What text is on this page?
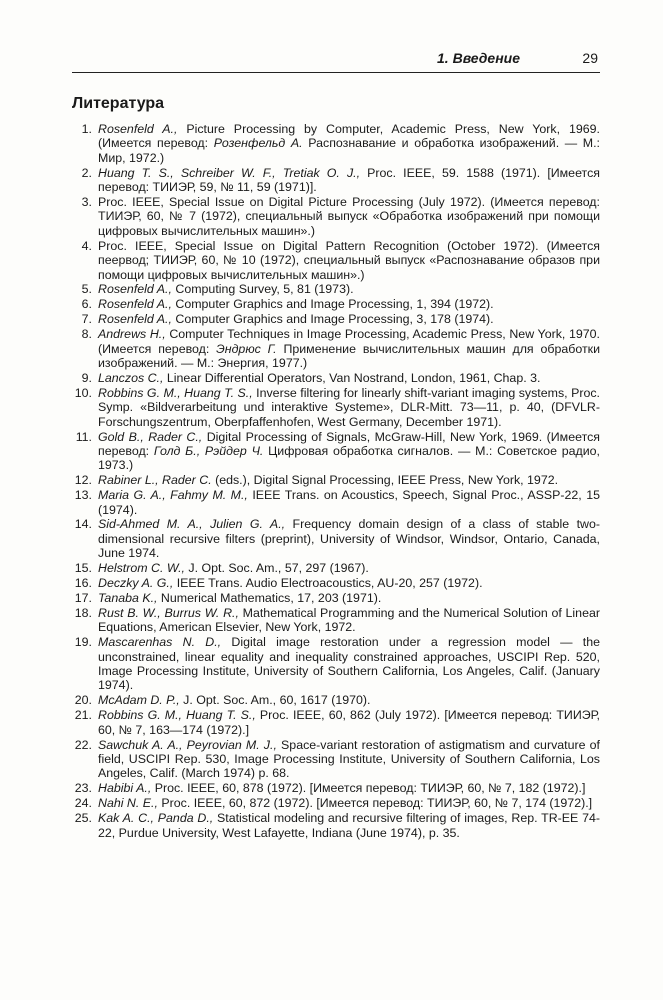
1. Введение	29
Литература
1. Rosenfeld A., Picture Processing by Computer, Academic Press, New York, 1969. (Имеется перевод: Розенфельд А. Распознавание и обработка изображений. — М.: Мир, 1972.)
2. Huang T. S., Schreiber W. F., Tretiak O. J., Proc. IEEE, 59. 1588 (1971). [Имеется перевод: ТИИЭР, 59, № 11, 59 (1971)].
3. Proc. IEEE, Special Issue on Digital Picture Processing (July 1972). (Имеется перевод: ТИИЭР, 60, № 7 (1972), специальный выпуск «Обработка изображений при помощи цифровых вычислительных машин».)
4. Proc. IEEE, Special Issue on Digital Pattern Recognition (October 1972). (Имеется пеервод; ТИИЭР, 60, № 10 (1972), специальный выпуск «Распознавание образов при помощи цифровых вычислительных машин».)
5. Rosenfeld A., Computing Survey, 5, 81 (1973).
6. Rosenfeld A., Computer Graphics and Image Processing, 1, 394 (1972).
7. Rosenfeld A., Computer Graphics and Image Processing, 3, 178 (1974).
8. Andrews H., Computer Techniques in Image Processing, Academic Press, New York, 1970. (Имеется перевод: Эндрюс Г. Применение вычислительных машин для обработки изображений. — М.: Энергия, 1977.)
9. Lanczos C., Linear Differential Operators, Van Nostrand, London, 1961, Chap. 3.
10. Robbins G. M., Huang T. S., Inverse filtering for linearly shift-variant imaging systems, Proc. Symp. «Bildverarbeitung und interaktive Systeme», DLR-Mitt. 73—11, p. 40, (DFVLR-Forschungszentrum, Oberpfaffenhofen, West Germany, December 1971).
11. Gold B., Rader C., Digital Processing of Signals, McGraw-Hill, New York, 1969. (Имеется перевод: Голд Б., Рэйдер Ч. Цифровая обработка сигналов. — М.: Советское радио, 1973.)
12. Rabiner L., Rader C. (eds.), Digital Signal Processing, IEEE Press, New York, 1972.
13. Maria G. A., Fahmy M. M., IEEE Trans. on Acoustics, Speech, Signal Proc., ASSP-22, 15 (1974).
14. Sid-Ahmed M. A., Julien G. A., Frequency domain design of a class of stable two-dimensional recursive filters (preprint), University of Windsor, Windsor, Ontario, Canada, June 1974.
15. Helstrom C. W., J. Opt. Soc. Am., 57, 297 (1967).
16. Deczky A. G., IEEE Trans. Audio Electroacoustics, AU-20, 257 (1972).
17. Tanaba K., Numerical Mathematics, 17, 203 (1971).
18. Rust B. W., Burrus W. R., Mathematical Programming and the Numerical Solution of Linear Equations, American Elsevier, New York, 1972.
19. Mascarenhas N. D., Digital image restoration under a regression model — the unconstrained, linear equality and inequality constrained approaches, USCIPI Rep. 520, Image Processing Institute, University of Southern California, Los Angeles, Calif. (January 1974).
20. McAdam D. P., J. Opt. Soc. Am., 60, 1617 (1970).
21. Robbins G. M., Huang T. S., Proc. IEEE, 60, 862 (July 1972). [Имеется перевод: ТИИЭР, 60, № 7, 163—174 (1972).]
22. Sawchuk A. A., Peyrovian M. J., Space-variant restoration of astigmatism and curvature of field, USCIPI Rep. 530, Image Processing Institute, University of Southern California, Los Angeles, Calif. (March 1974) p. 68.
23. Habibi A., Proc. IEEE, 60, 878 (1972). [Имеется перевод: ТИИЭР, 60, № 7, 182 (1972).]
24. Nahi N. E., Proc. IEEE, 60, 872 (1972). [Имеется перевод: ТИИЭР, 60, № 7, 174 (1972).]
25. Kak A. C., Panda D., Statistical modeling and recursive filtering of images, Rep. TR-EE 74-22, Purdue University, West Lafayette, Indiana (June 1974), p. 35.
